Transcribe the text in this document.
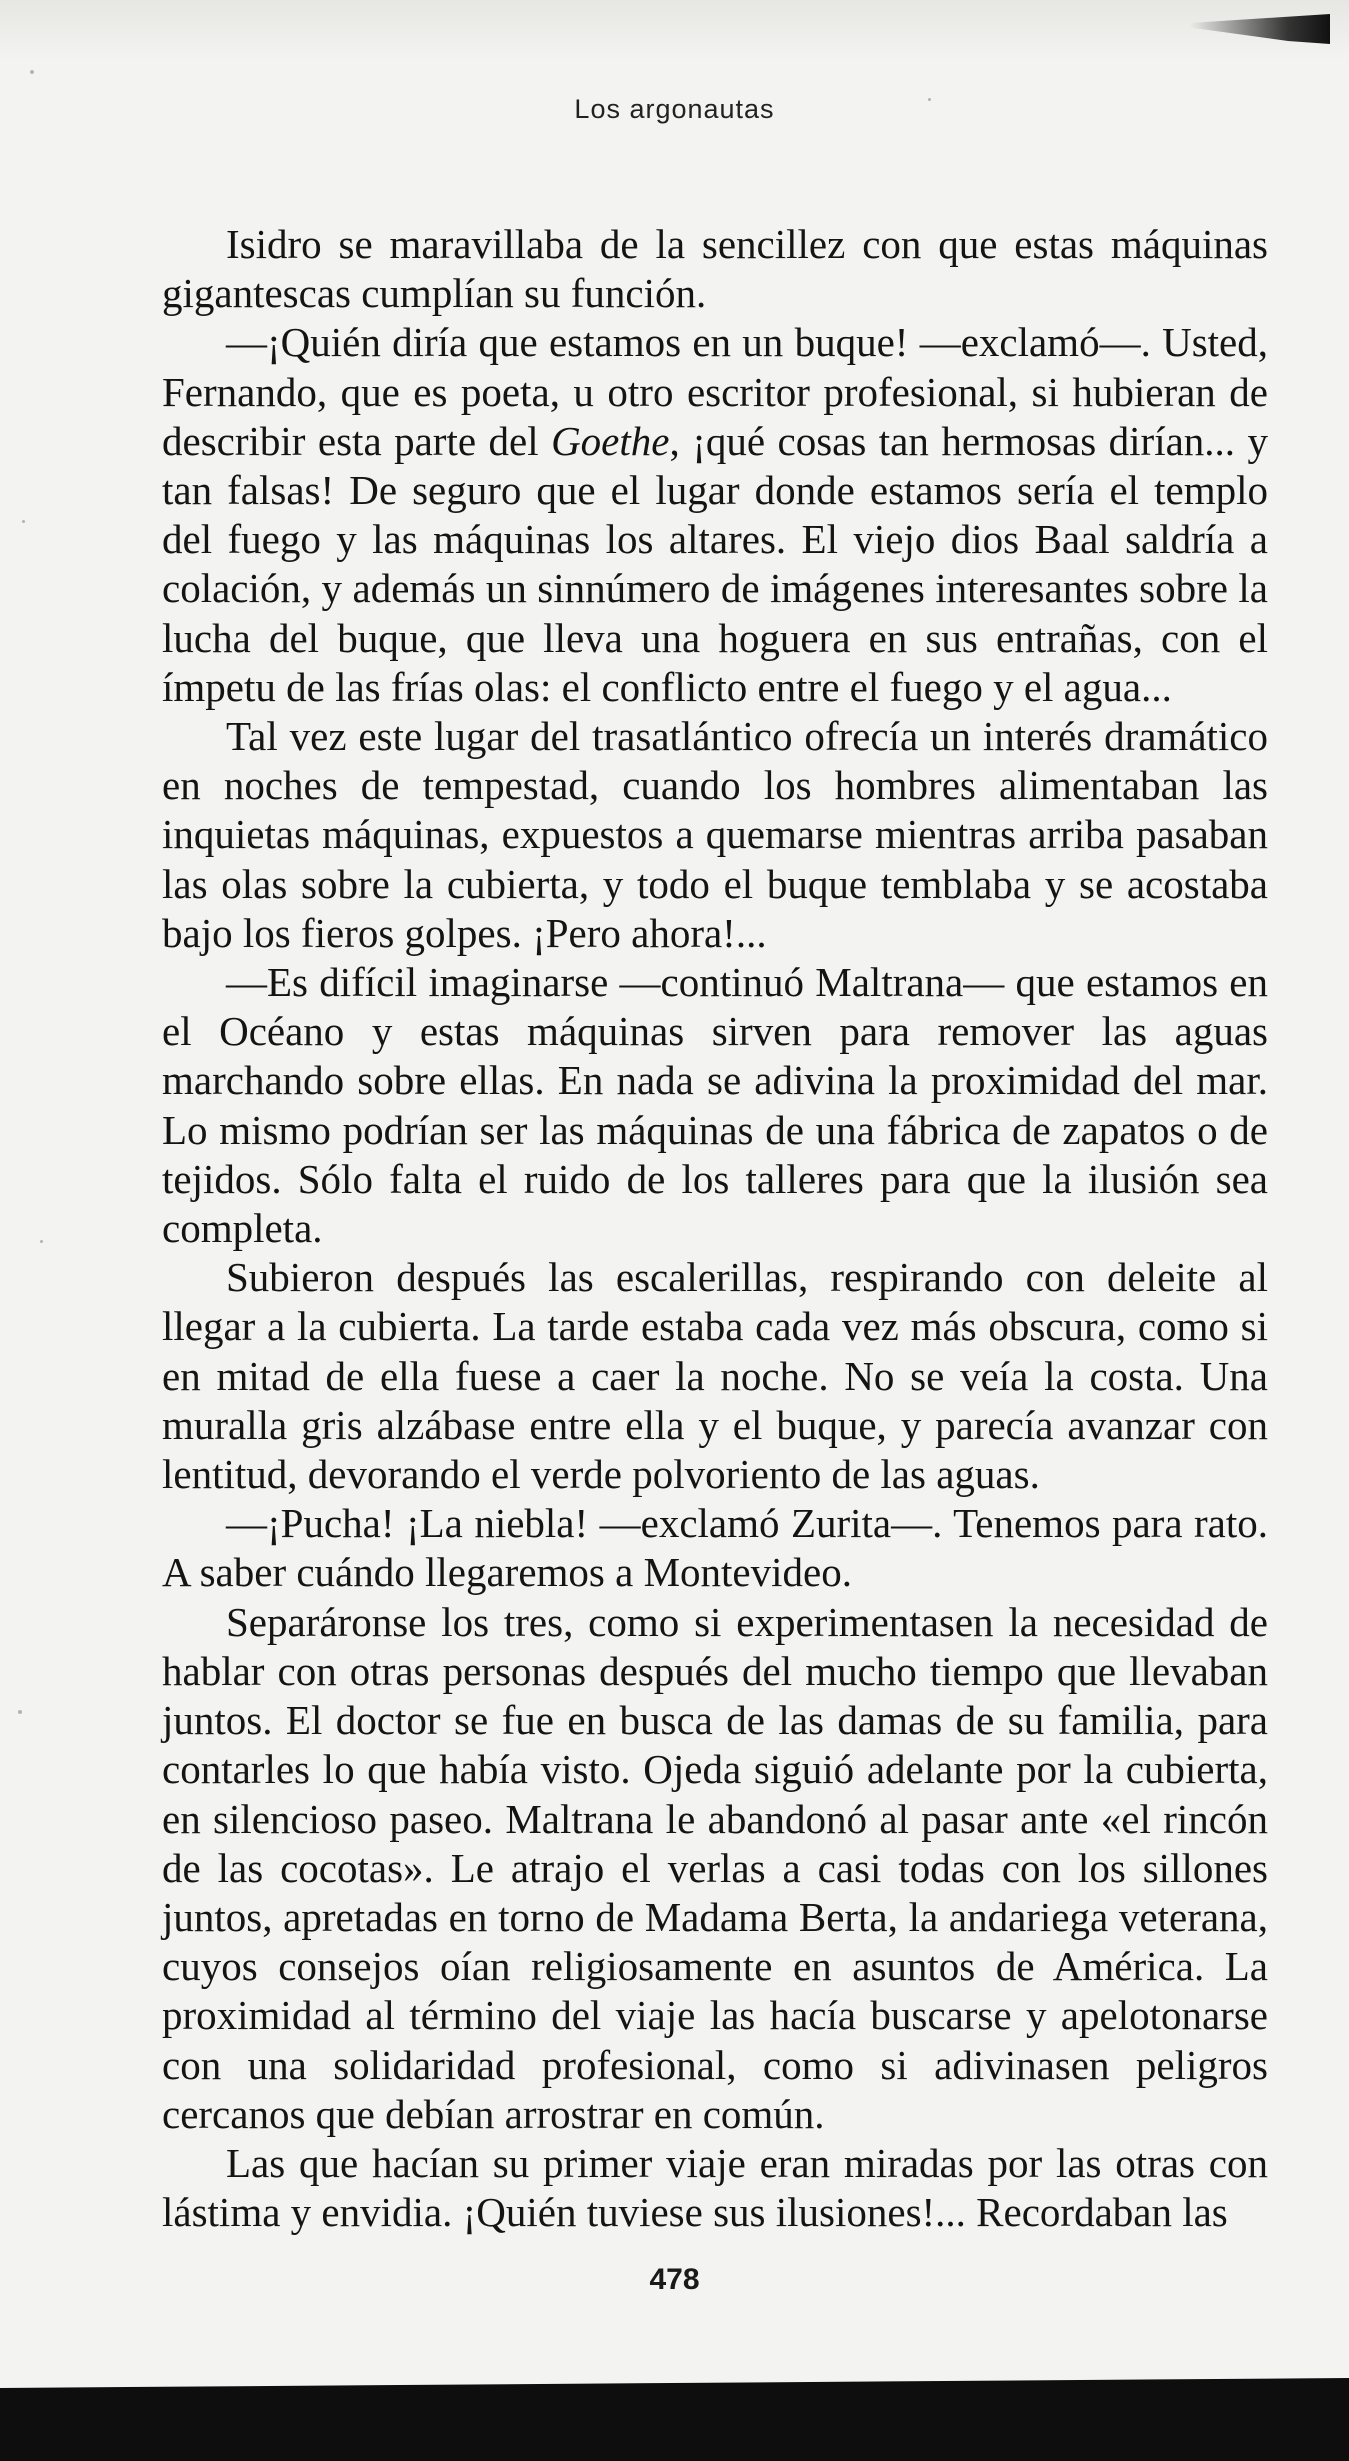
Los argonautas

Isidro se maravillaba de la sencillez con que estas máquinas gigantescas cumplían su función.

—¡Quién diría que estamos en un buque! —exclamó—. Usted, Fernando, que es poeta, u otro escritor profesional, si hubieran de describir esta parte del Goethe, ¡qué cosas tan hermosas dirían... y tan falsas! De seguro que el lugar donde estamos sería el templo del fuego y las máquinas los altares. El viejo dios Baal saldría a colación, y además un sinnúmero de imágenes interesantes sobre la lucha del buque, que lleva una hoguera en sus entrañas, con el ímpetu de las frías olas: el conflicto entre el fuego y el agua...

Tal vez este lugar del trasatlántico ofrecía un interés dramático en noches de tempestad, cuando los hombres alimentaban las inquietas máquinas, expuestos a quemarse mientras arriba pasaban las olas sobre la cubierta, y todo el buque temblaba y se acostaba bajo los fieros golpes. ¡Pero ahora!...

—Es difícil imaginarse —continuó Maltrana— que estamos en el Océano y estas máquinas sirven para remover las aguas marchando sobre ellas. En nada se adivina la proximidad del mar. Lo mismo podrían ser las máquinas de una fábrica de zapatos o de tejidos. Sólo falta el ruido de los talleres para que la ilusión sea completa.

Subieron después las escalerillas, respirando con deleite al llegar a la cubierta. La tarde estaba cada vez más obscura, como si en mitad de ella fuese a caer la noche. No se veía la costa. Una muralla gris alzábase entre ella y el buque, y parecía avanzar con lentitud, devorando el verde polvoriento de las aguas.

—¡Pucha! ¡La niebla! —exclamó Zurita—. Tenemos para rato. A saber cuándo llegaremos a Montevideo.

Separáronse los tres, como si experimentasen la necesidad de hablar con otras personas después del mucho tiempo que llevaban juntos. El doctor se fue en busca de las damas de su familia, para contarles lo que había visto. Ojeda siguió adelante por la cubierta, en silencioso paseo. Maltrana le abandonó al pasar ante «el rincón de las cocotas». Le atrajo el verlas a casi todas con los sillones juntos, apretadas en torno de Madama Berta, la andariega veterana, cuyos consejos oían religiosamente en asuntos de América. La proximidad al término del viaje las hacía buscarse y apelotonarse con una solidaridad profesional, como si adivinasen peligros cercanos que debían arrostrar en común.

Las que hacían su primer viaje eran miradas por las otras con lástima y envidia. ¡Quién tuviese sus ilusiones!... Recordaban las

478
